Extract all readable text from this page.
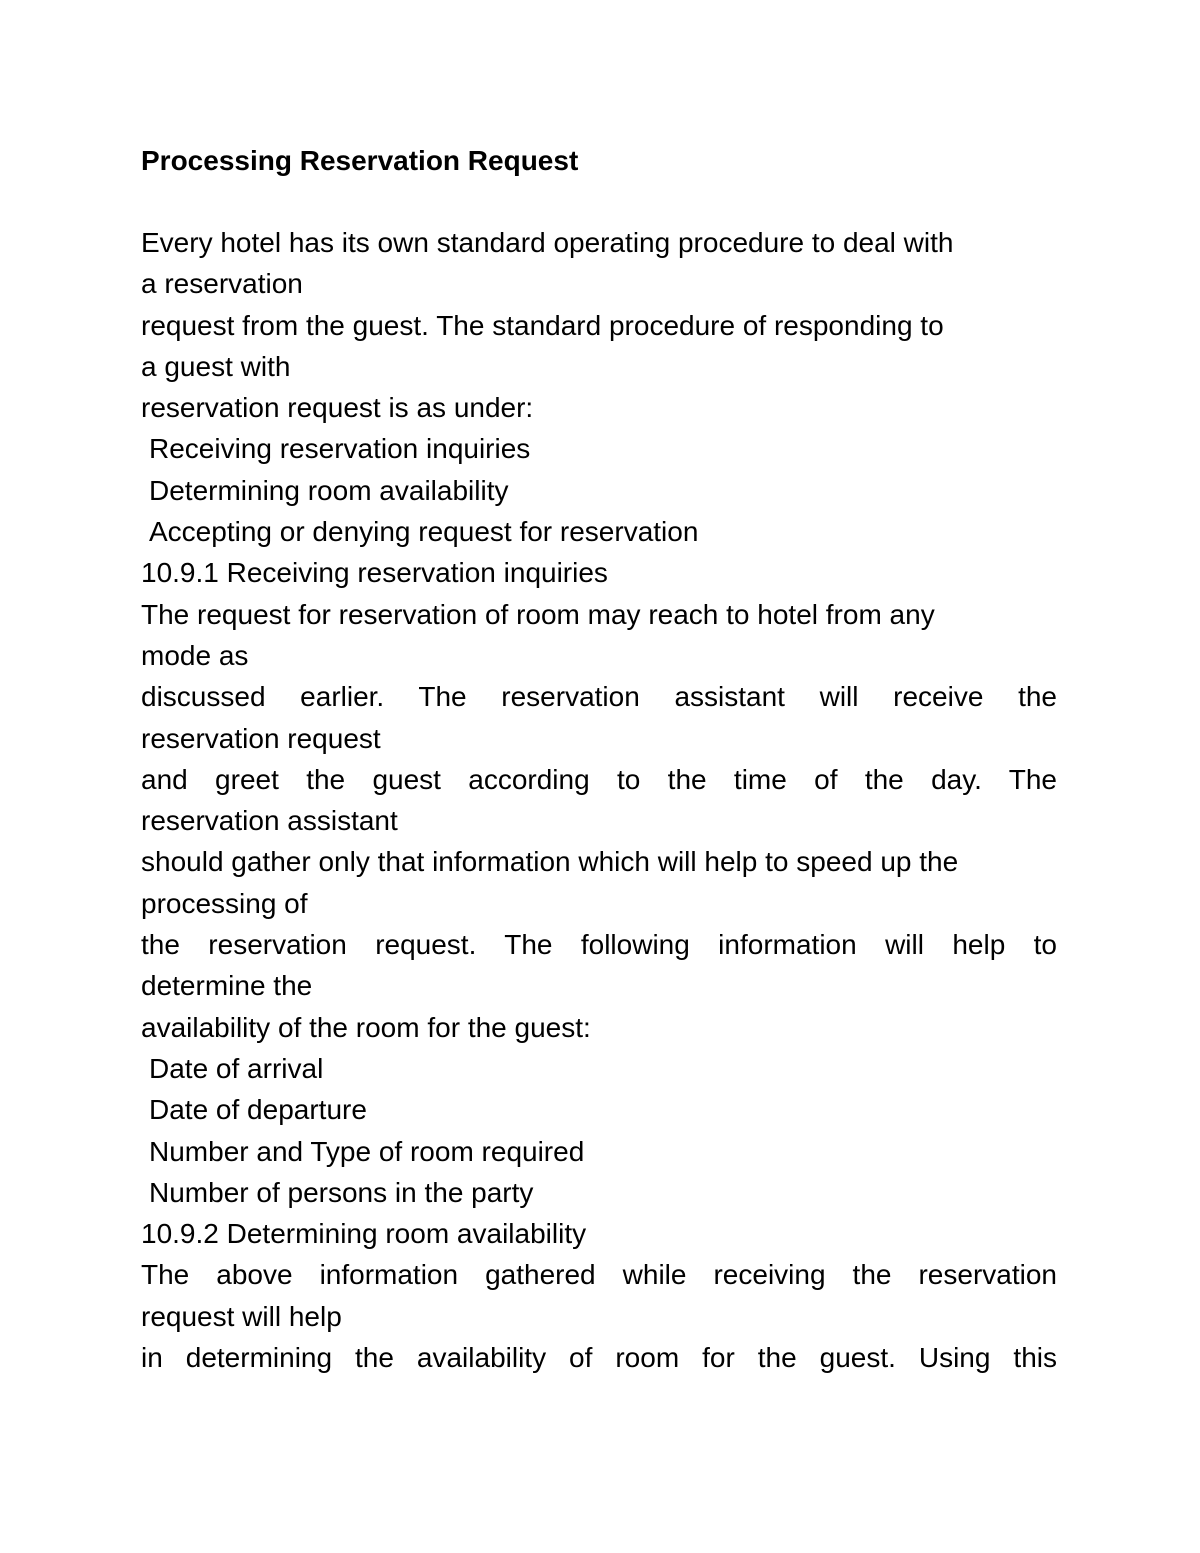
Processing Reservation Request
Every hotel has its own standard operating procedure to deal with
a reservation
request from the guest. The standard procedure of responding to
a guest with
reservation request is as under:
Receiving reservation inquiries
Determining room availability
Accepting or denying request for reservation
10.9.1 Receiving reservation inquiries
The request for reservation of room may reach to hotel from any
mode as
discussed earlier. The reservation assistant will receive the
reservation request
and greet the guest according to the time of the day. The
reservation assistant
should gather only that information which will help to speed up the
processing of
the reservation request. The following information will help to
determine the
availability of the room for the guest:
Date of arrival
Date of departure
Number and Type of room required
Number of persons in the party
10.9.2 Determining room availability
The above information gathered while receiving the reservation
request will help
in determining the availability of room for the guest. Using this
